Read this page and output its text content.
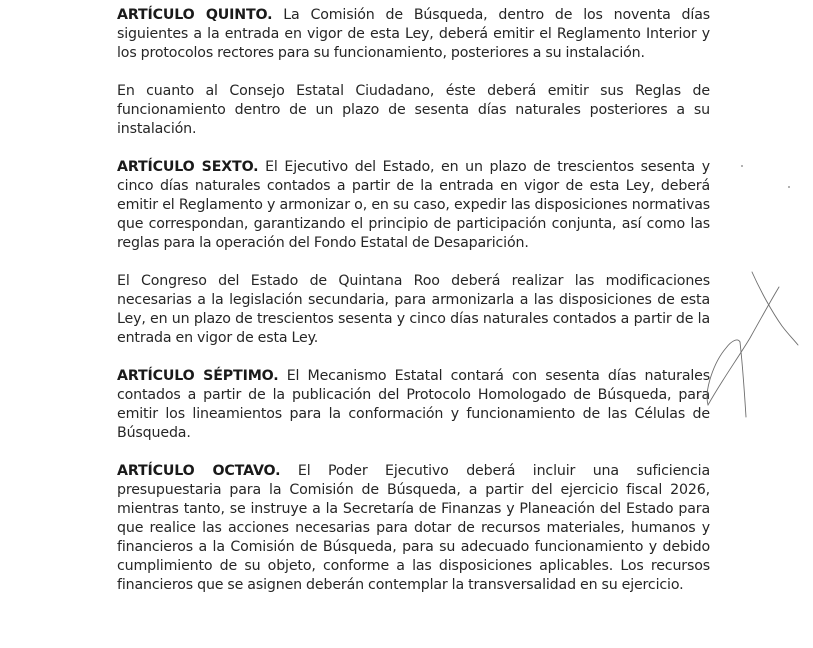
ARTÍCULO QUINTO. La Comisión de Búsqueda, dentro de los noventa días siguientes a la entrada en vigor de esta Ley, deberá emitir el Reglamento Interior y los protocolos rectores para su funcionamiento, posteriores a su instalación.

En cuanto al Consejo Estatal Ciudadano, éste deberá emitir sus Reglas de funcionamiento dentro de un plazo de sesenta días naturales posteriores a su instalación.

ARTÍCULO SEXTO. El Ejecutivo del Estado, en un plazo de trescientos sesenta y cinco días naturales contados a partir de la entrada en vigor de esta Ley, deberá emitir el Reglamento y armonizar o, en su caso, expedir las disposiciones normativas que correspondan, garantizando el principio de participación conjunta, así como las reglas para la operación del Fondo Estatal de Desaparición.

El Congreso del Estado de Quintana Roo deberá realizar las modificaciones necesarias a la legislación secundaria, para armonizarla a las disposiciones de esta Ley, en un plazo de trescientos sesenta y cinco días naturales contados a partir de la entrada en vigor de esta Ley.

ARTÍCULO SÉPTIMO. El Mecanismo Estatal contará con sesenta días naturales contados a partir de la publicación del Protocolo Homologado de Búsqueda, para emitir los lineamientos para la conformación y funcionamiento de las Células de Búsqueda.

ARTÍCULO OCTAVO. El Poder Ejecutivo deberá incluir una suficiencia presupuestaria para la Comisión de Búsqueda, a partir del ejercicio fiscal 2026, mientras tanto, se instruye a la Secretaría de Finanzas y Planeación del Estado para que realice las acciones necesarias para dotar de recursos materiales, humanos y financieros a la Comisión de Búsqueda, para su adecuado funcionamiento y debido cumplimiento de su objeto, conforme a las disposiciones aplicables. Los recursos financieros que se asignen deberán contemplar la transversalidad en su ejercicio.
